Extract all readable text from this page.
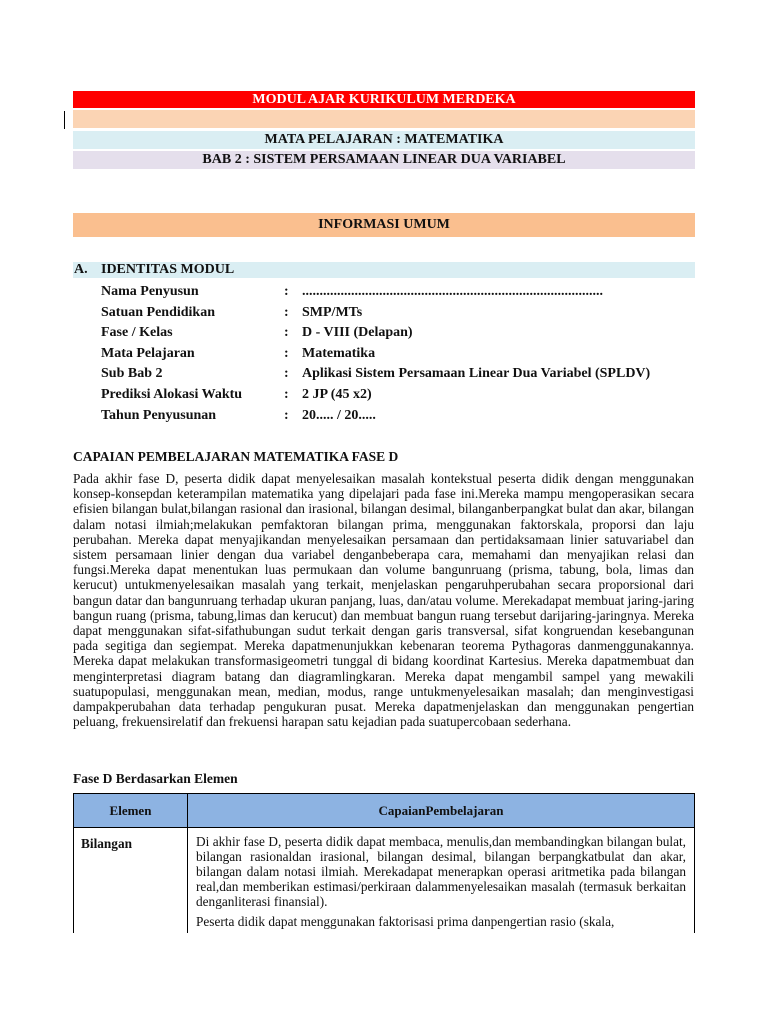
MODUL AJAR KURIKULUM MERDEKA
MATA PELAJARAN : MATEMATIKA
BAB 2 : SISTEM PERSAMAAN LINEAR DUA VARIABEL
INFORMASI UMUM
A. IDENTITAS MODUL
Nama Penyusun	: ......................................................................................
Satuan Pendidikan	: SMP/MTs
Fase / Kelas	: D - VIII (Delapan)
Mata Pelajaran	: Matematika
Sub Bab 2	: Aplikasi Sistem Persamaan Linear Dua Variabel (SPLDV)
Prediksi Alokasi Waktu	: 2 JP (45 x2)
Tahun Penyusunan	: 20..... / 20.....
CAPAIAN PEMBELAJARAN MATEMATIKA FASE D
Pada akhir fase D, peserta didik dapat menyelesaikan masalah kontekstual peserta didik dengan menggunakan konsep-konsepdan keterampilan matematika yang dipelajari pada fase ini.Mereka mampu mengoperasikan secara efisien bilangan bulat,bilangan rasional dan irasional, bilangan desimal, bilanganberpangkat bulat dan akar, bilangan dalam notasi ilmiah;melakukan pemfaktoran bilangan prima, menggunakan faktorskala, proporsi dan laju perubahan. Mereka dapat menyajikandan menyelesaikan persamaan dan pertidaksamaan linier satuvariabel dan sistem persamaan linier dengan dua variabel denganbeberapa cara, memahami dan menyajikan relasi dan fungsi.Mereka dapat menentukan luas permukaan dan volume bangunruang (prisma, tabung, bola, limas dan kerucut) untukmenyelesaikan masalah yang terkait, menjelaskan pengaruhperubahan secara proporsional dari bangun datar dan bangunruang terhadap ukuran panjang, luas, dan/atau volume. Merekadapat membuat jaring-jaring bangun ruang (prisma, tabung,limas dan kerucut) dan membuat bangun ruang tersebut darijaring-jaringnya. Mereka dapat menggunakan sifat-sifathubungan sudut terkait dengan garis transversal, sifat kongruendan kesebangunan pada segitiga dan segiempat. Mereka dapatmenunjukkan kebenaran teorema Pythagoras danmenggunakannya. Mereka dapat melakukan transformasigeometri tunggal di bidang koordinat Kartesius. Mereka dapatmembuat dan menginterpretasi diagram batang dan diagramlingkaran. Mereka dapat mengambil sampel yang mewakili suatupopulasi, menggunakan mean, median, modus, range untukmenyelesaikan masalah; dan menginvestigasi dampakperubahan data terhadap pengukuran pusat. Mereka dapatmenjelaskan dan menggunakan pengertian peluang, frekuensirelatif dan frekuensi harapan satu kejadian pada suatupercobaan sederhana.
Fase D Berdasarkan Elemen
Elemen	CapaianPembelajaran
Bilangan	Di akhir fase D, peserta didik dapat membaca, menulis,dan membandingkan bilangan bulat, bilangan rasionaldan irasional, bilangan desimal, bilangan berpangkatbulat dan akar, bilangan dalam notasi ilmiah. Merekadapat menerapkan operasi aritmetika pada bilangan real,dan memberikan estimasi/perkiraan dalammenyelesaikan masalah (termasuk berkaitan denganliterasi finansial).

Peserta didik dapat menggunakan faktorisasi prima danpengertian rasio (skala,
